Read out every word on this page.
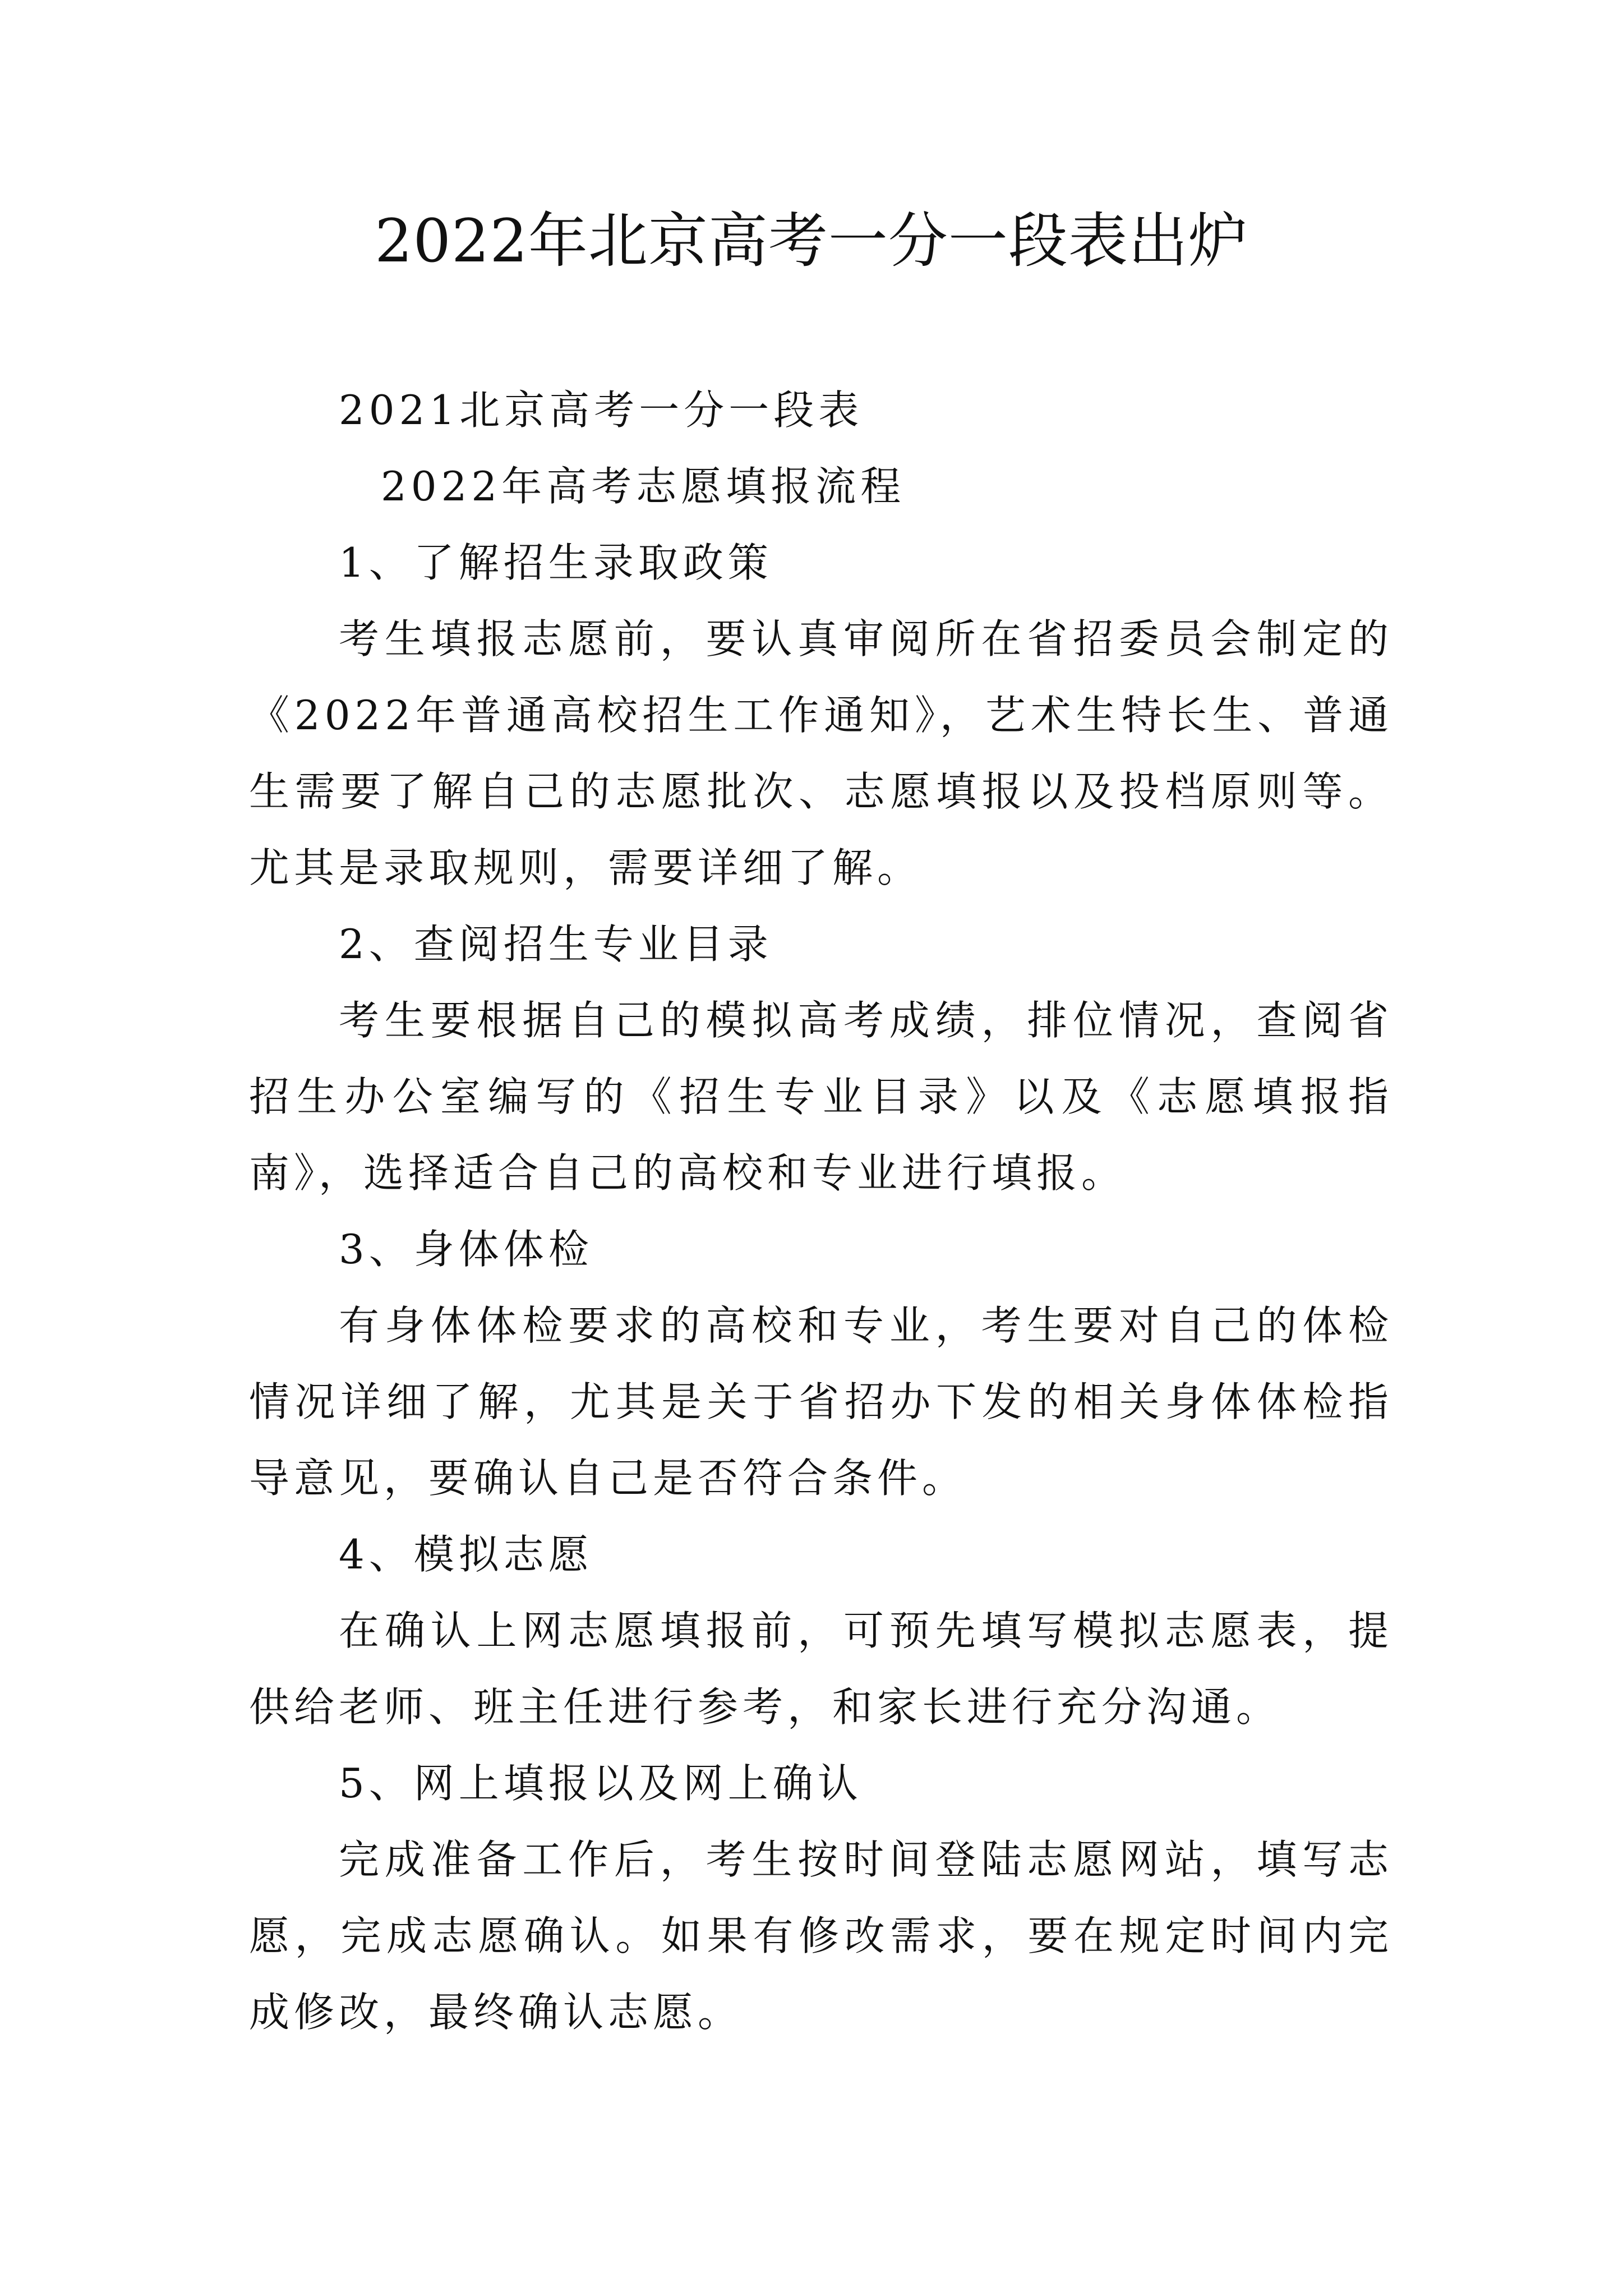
2022年北京高考一分一段表出炉

2021北京高考一分一段表

2022年高考志愿填报流程

1、了解招生录取政策

考生填报志愿前，要认真审阅所在省招委员会制定的《2022年普通高校招生工作通知》，艺术生特长生、普通生需要了解自己的志愿批次、志愿填报以及投档原则等。尤其是录取规则，需要详细了解。

2、查阅招生专业目录

考生要根据自己的模拟高考成绩，排位情况，查阅省招生办公室编写的《招生专业目录》以及《志愿填报指南》，选择适合自己的高校和专业进行填报。

3、身体体检

有身体体检要求的高校和专业，考生要对自己的体检情况详细了解，尤其是关于省招办下发的相关身体体检指导意见，要确认自己是否符合条件。

4、模拟志愿

在确认上网志愿填报前，可预先填写模拟志愿表，提供给老师、班主任进行参考，和家长进行充分沟通。

5、网上填报以及网上确认

完成准备工作后，考生按时间登陆志愿网站，填写志愿，完成志愿确认。如果有修改需求，要在规定时间内完成修改，最终确认志愿。
